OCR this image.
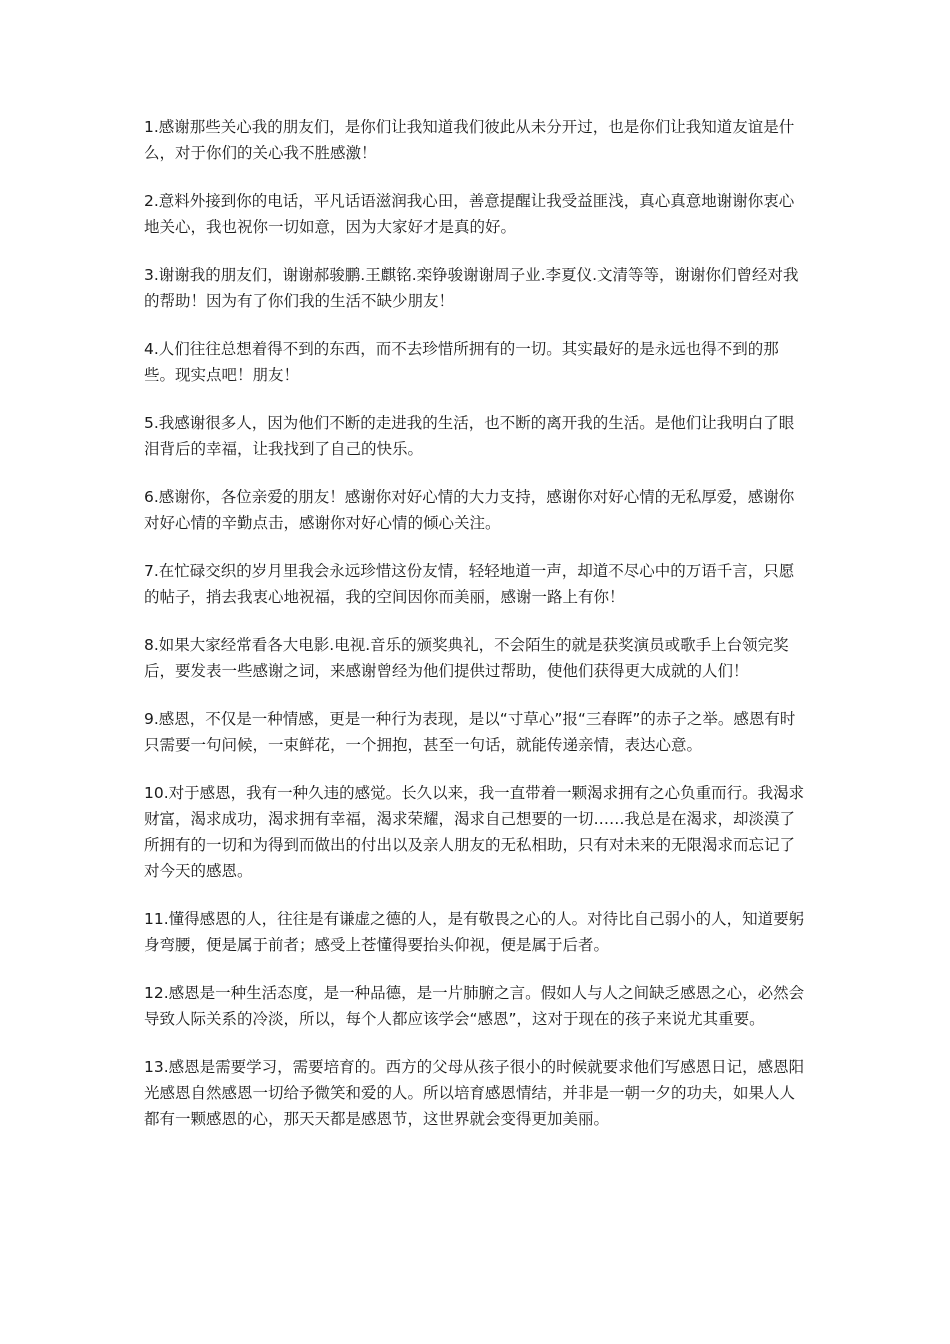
1.感谢那些关心我的朋友们，是你们让我知道我们彼此从未分开过，也是你们让我知道友谊是什么，对于你们的关心我不胜感激！

2.意料外接到你的电话，平凡话语滋润我心田，善意提醒让我受益匪浅，真心真意地谢谢你衷心地关心，我也祝你一切如意，因为大家好才是真的好。

3.谢谢我的朋友们，谢谢郝骏鹏.王麒铭.栾铮骏谢谢周子业.李夏仪.文清等等，谢谢你们曾经对我的帮助！因为有了你们我的生活不缺少朋友！

4.人们往往总想着得不到的东西，而不去珍惜所拥有的一切。其实最好的是永远也得不到的那些。现实点吧！朋友！

5.我感谢很多人，因为他们不断的走进我的生活，也不断的离开我的生活。是他们让我明白了眼泪背后的幸福，让我找到了自己的快乐。

6.感谢你，各位亲爱的朋友！感谢你对好心情的大力支持，感谢你对好心情的无私厚爱，感谢你对好心情的辛勤点击，感谢你对好心情的倾心关注。

7.在忙碌交织的岁月里我会永远珍惜这份友情，轻轻地道一声，却道不尽心中的万语千言，只愿的帖子，捎去我衷心地祝福，我的空间因你而美丽，感谢一路上有你！

8.如果大家经常看各大电影.电视.音乐的颁奖典礼，不会陌生的就是获奖演员或歌手上台领完奖后，要发表一些感谢之词，来感谢曾经为他们提供过帮助，使他们获得更大成就的人们！

9.感恩，不仅是一种情感，更是一种行为表现，是以“寸草心”报“三春晖”的赤子之举。感恩有时只需要一句问候，一束鲜花，一个拥抱，甚至一句话，就能传递亲情，表达心意。

10.对于感恩，我有一种久违的感觉。长久以来，我一直带着一颗渴求拥有之心负重而行。我渴求财富，渴求成功，渴求拥有幸福，渴求荣耀，渴求自己想要的一切……我总是在渴求，却淡漠了所拥有的一切和为得到而做出的付出以及亲人朋友的无私相助，只有对未来的无限渴求而忘记了对今天的感恩。

11.懂得感恩的人，往往是有谦虚之德的人，是有敬畏之心的人。对待比自己弱小的人，知道要躬身弯腰，便是属于前者；感受上苍懂得要抬头仰视，便是属于后者。

12.感恩是一种生活态度，是一种品德，是一片肺腑之言。假如人与人之间缺乏感恩之心，必然会导致人际关系的冷淡，所以，每个人都应该学会“感恩”，这对于现在的孩子来说尤其重要。

13.感恩是需要学习，需要培育的。西方的父母从孩子很小的时候就要求他们写感恩日记，感恩阳光感恩自然感恩一切给予微笑和爱的人。所以培育感恩情结，并非是一朝一夕的功夫，如果人人都有一颗感恩的心，那天天都是感恩节，这世界就会变得更加美丽。
